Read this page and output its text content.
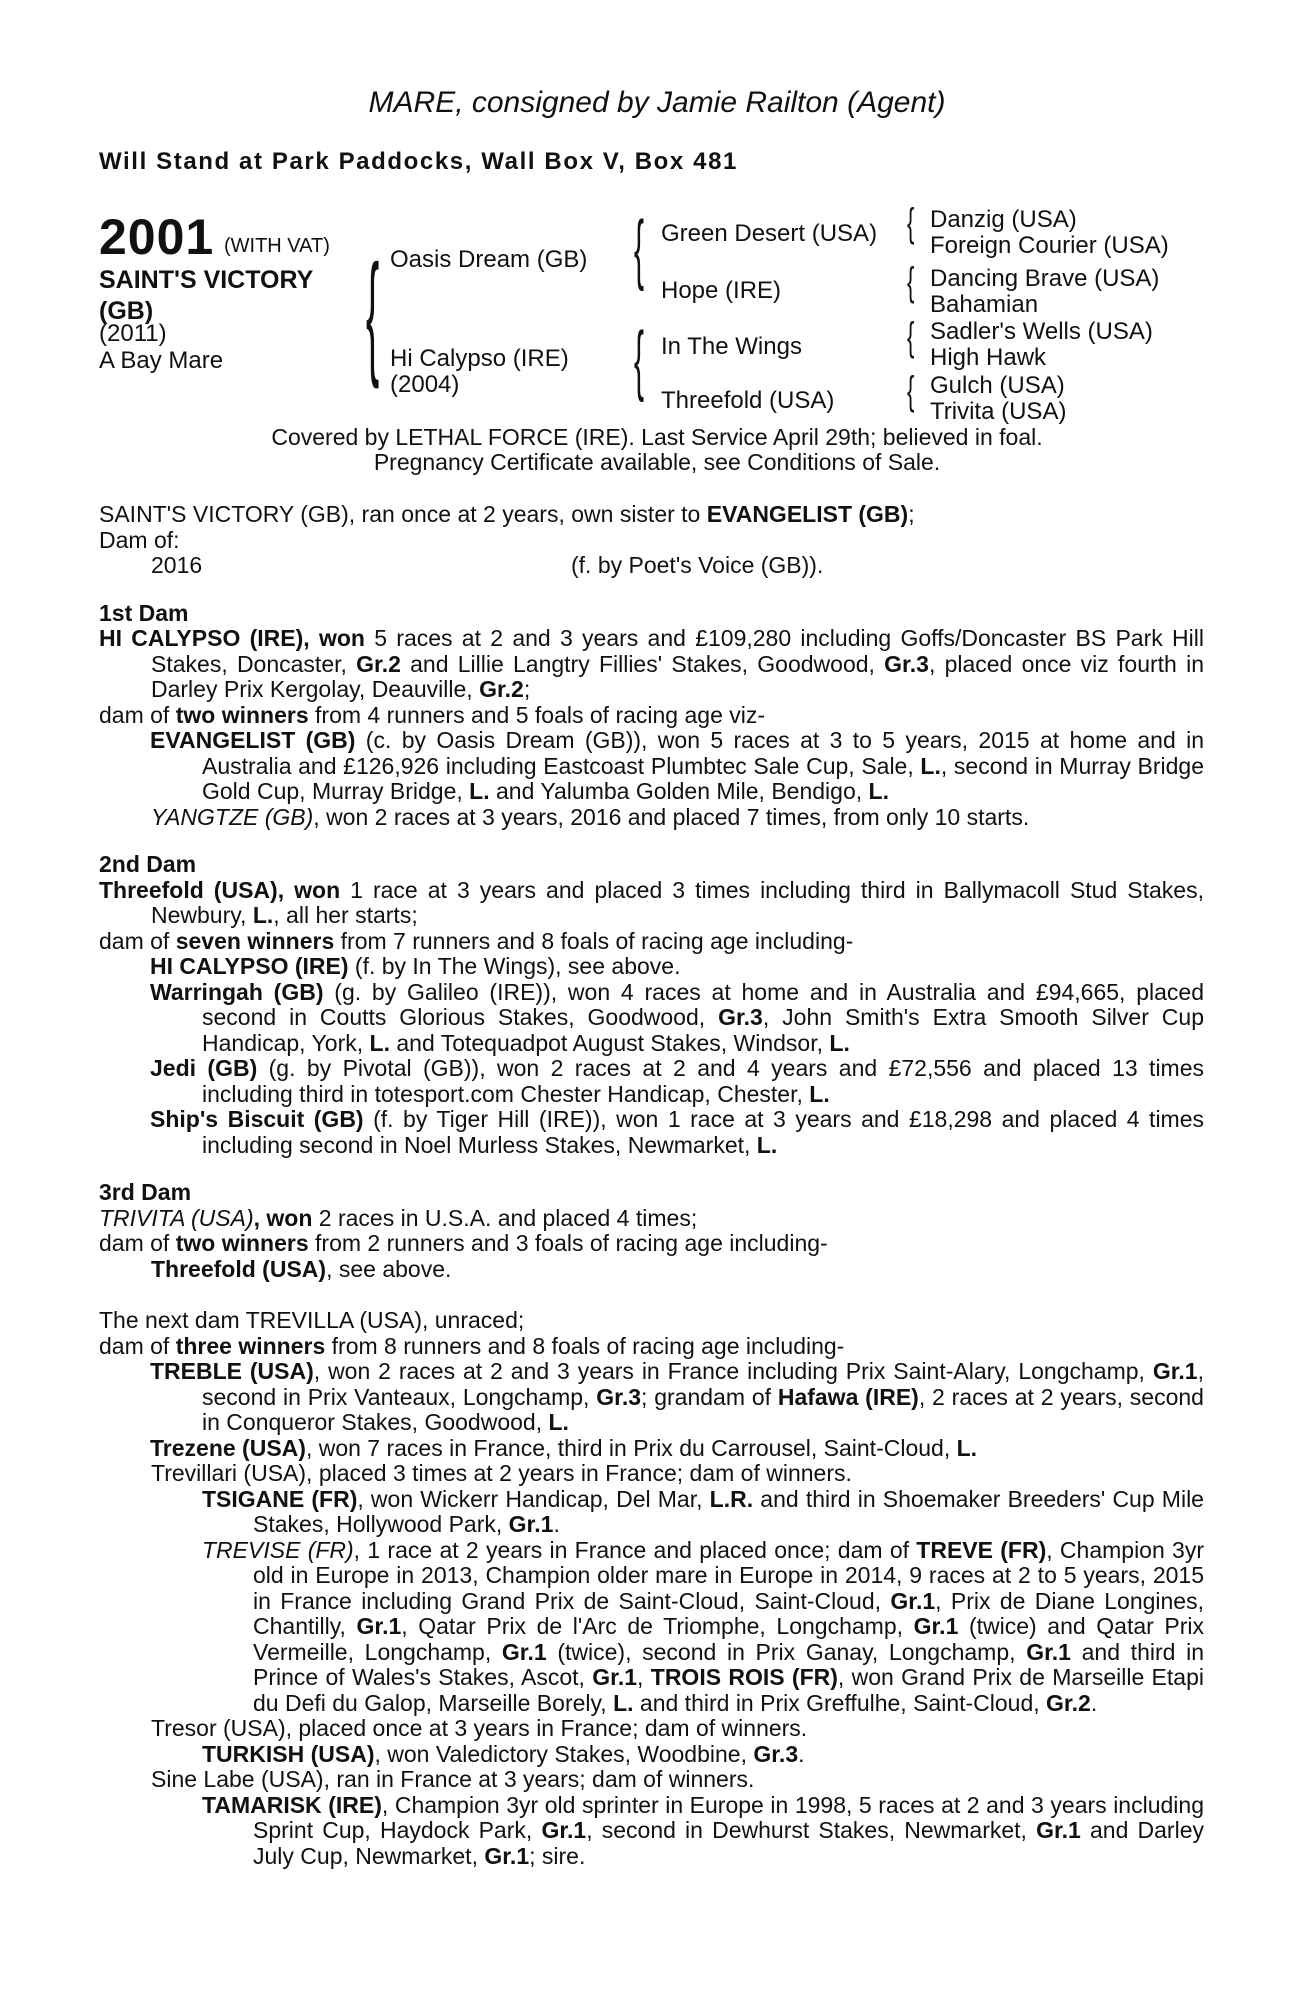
MARE, consigned by Jamie Railton (Agent)
Will Stand at Park Paddocks, Wall Box V, Box 481
2001 (WITH VAT)
SAINT'S VICTORY (GB)
(2011)
A Bay Mare { Oasis Dream (GB)
Hi Calypso (IRE)
(2004)
{ Green Desert (USA)
Hope (IRE)
{ In The Wings
Threefold (USA)
{ Danzig (USA)
Foreign Courier (USA)
{ Dancing Brave (USA)
Bahamian
{ Sadler's Wells (USA)
High Hawk
{ Gulch (USA)
Trivita (USA)
Covered by LETHAL FORCE (IRE). Last Service April 29th; believed in foal.
Pregnancy Certificate available, see Conditions of Sale.

SAINT'S VICTORY (GB), ran once at 2 years, own sister to EVANGELIST (GB);

Dam of:

2016	(f. by Poet's Voice (GB)).

1st Dam

HI CALYPSO (IRE), won 5 races at 2 and 3 years and £109,280 including Goffs/Doncaster BS Park Hill Stakes, Doncaster, Gr.2 and Lillie Langtry Fillies' Stakes, Goodwood, Gr.3, placed once viz fourth in Darley Prix Kergolay, Deauville, Gr.2;

dam of two winners from 4 runners and 5 foals of racing age viz-

EVANGELIST (GB) (c. by Oasis Dream (GB)), won 5 races at 3 to 5 years, 2015 at home and in Australia and £126,926 including Eastcoast Plumbtec Sale Cup, Sale, L., second in Murray Bridge Gold Cup, Murray Bridge, L. and Yalumba Golden Mile, Bendigo, L.

YANGTZE (GB), won 2 races at 3 years, 2016 and placed 7 times, from only 10 starts.

2nd Dam

Threefold (USA), won 1 race at 3 years and placed 3 times including third in Ballymacoll Stud Stakes, Newbury, L., all her starts;

dam of seven winners from 7 runners and 8 foals of racing age including-

HI CALYPSO (IRE) (f. by In The Wings), see above.

Warringah (GB) (g. by Galileo (IRE)), won 4 races at home and in Australia and £94,665, placed second in Coutts Glorious Stakes, Goodwood, Gr.3, John Smith's Extra Smooth Silver Cup Handicap, York, L. and Totequadpot August Stakes, Windsor, L.

Jedi (GB) (g. by Pivotal (GB)), won 2 races at 2 and 4 years and £72,556 and placed 13 times including third in totesport.com Chester Handicap, Chester, L.

Ship's Biscuit (GB) (f. by Tiger Hill (IRE)), won 1 race at 3 years and £18,298 and placed 4 times including second in Noel Murless Stakes, Newmarket, L.

3rd Dam

TRIVITA (USA), won 2 races in U.S.A. and placed 4 times;

dam of two winners from 2 runners and 3 foals of racing age including-

Threefold (USA), see above.

The next dam TREVILLA (USA), unraced;

dam of three winners from 8 runners and 8 foals of racing age including-

TREBLE (USA), won 2 races at 2 and 3 years in France including Prix Saint-Alary, Longchamp, Gr.1, second in Prix Vanteaux, Longchamp, Gr.3; grandam of Hafawa (IRE), 2 races at 2 years, second in Conqueror Stakes, Goodwood, L.

Trezene (USA), won 7 races in France, third in Prix du Carrousel, Saint-Cloud, L.

Trevillari (USA), placed 3 times at 2 years in France; dam of winners.

TSIGANE (FR), won Wickerr Handicap, Del Mar, L.R. and third in Shoemaker Breeders' Cup Mile Stakes, Hollywood Park, Gr.1.

TREVISE (FR), 1 race at 2 years in France and placed once; dam of TREVE (FR), Champion 3yr old in Europe in 2013, Champion older mare in Europe in 2014, 9 races at 2 to 5 years, 2015 in France including Grand Prix de Saint-Cloud, Saint-Cloud, Gr.1, Prix de Diane Longines, Chantilly, Gr.1, Qatar Prix de l'Arc de Triomphe, Longchamp, Gr.1 (twice) and Qatar Prix Vermeille, Longchamp, Gr.1 (twice), second in Prix Ganay, Longchamp, Gr.1 and third in Prince of Wales's Stakes, Ascot, Gr.1, TROIS ROIS (FR), won Grand Prix de Marseille Etapi du Defi du Galop, Marseille Borely, L. and third in Prix Greffulhe, Saint-Cloud, Gr.2.

Tresor (USA), placed once at 3 years in France; dam of winners.

TURKISH (USA), won Valedictory Stakes, Woodbine, Gr.3.

Sine Labe (USA), ran in France at 3 years; dam of winners.

TAMARISK (IRE), Champion 3yr old sprinter in Europe in 1998, 5 races at 2 and 3 years including Sprint Cup, Haydock Park, Gr.1, second in Dewhurst Stakes, Newmarket, Gr.1 and Darley July Cup, Newmarket, Gr.1; sire.
